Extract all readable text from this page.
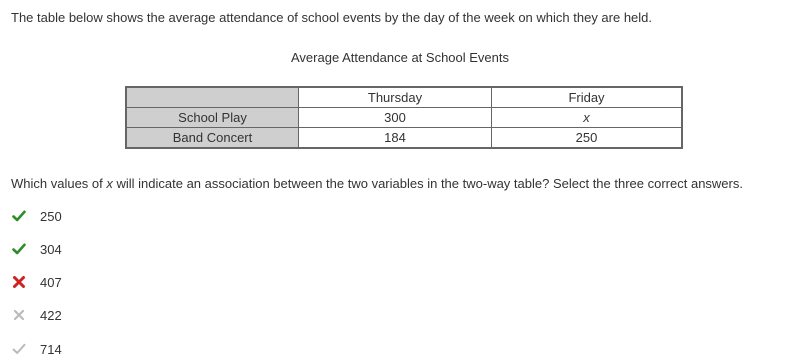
The table below shows the average attendance of school events by the day of the week on which they are held.
Average Attendance at School Events
	Thursday	Friday
School Play	300	x
Band Concert	184	250
Which values of x will indicate an association between the two variables in the two-way table? Select the three correct answers.
250
304
407
422
714
